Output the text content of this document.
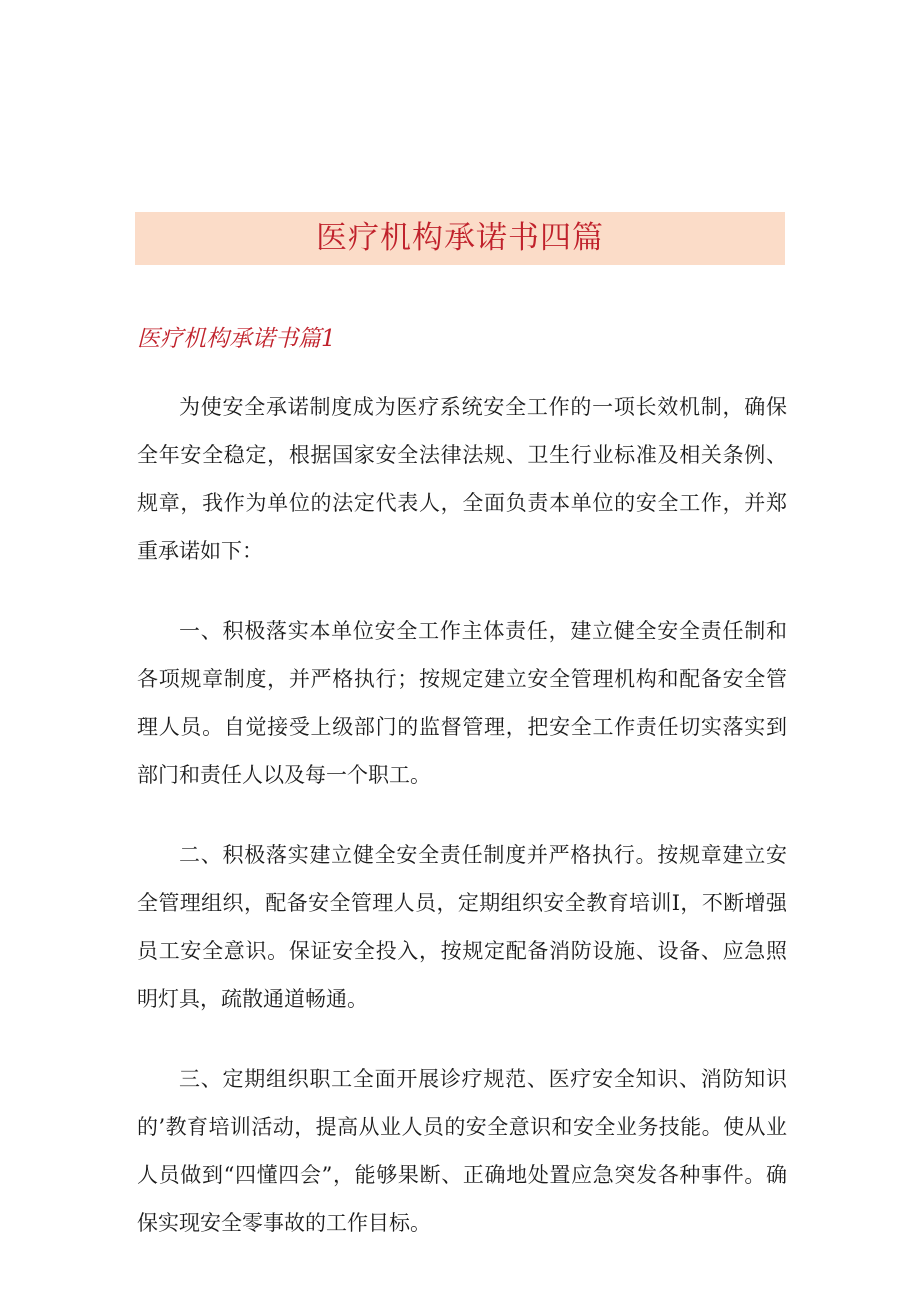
医疗机构承诺书四篇
医疗机构承诺书篇1

为使安全承诺制度成为医疗系统安全工作的一项长效机制，确保全年安全稳定，根据国家安全法律法规、卫生行业标准及相关条例、规章，我作为单位的法定代表人，全面负责本单位的安全工作，并郑重承诺如下：

一、积极落实本单位安全工作主体责任，建立健全安全责任制和各项规章制度，并严格执行；按规定建立安全管理机构和配备安全管理人员。自觉接受上级部门的监督管理，把安全工作责任切实落实到部门和责任人以及每一个职工。

二、积极落实建立健全安全责任制度并严格执行。按规章建立安全管理组织，配备安全管理人员，定期组织安全教育培训I，不断增强员工安全意识。保证安全投入，按规定配备消防设施、设备、应急照明灯具，疏散通道畅通。

三、定期组织职工全面开展诊疗规范、医疗安全知识、消防知识的’教育培训活动，提高从业人员的安全意识和安全业务技能。使从业人员做到“四懂四会”，能够果断、正确地处置应急突发各种事件。确保实现安全零事故的工作目标。
